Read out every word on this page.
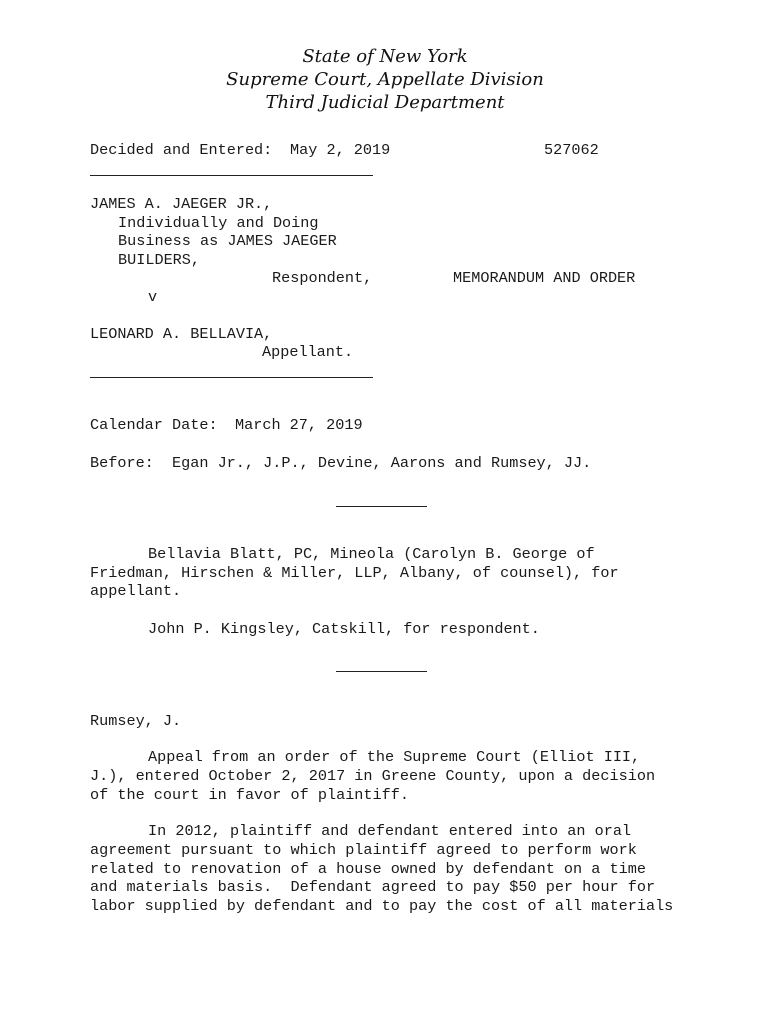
State of New York
Supreme Court, Appellate Division
Third Judicial Department
Decided and Entered: May 2, 2019	527062
JAMES A. JAEGER JR.,
Individually and Doing
Business as JAMES JAEGER
BUILDERS,
Respondent,	MEMORANDUM AND ORDER
v
LEONARD A. BELLAVIA,
Appellant.
Calendar Date: March 27, 2019
Before: Egan Jr., J.P., Devine, Aarons and Rumsey, JJ.
Bellavia Blatt, PC, Mineola (Carolyn B. George of
Friedman, Hirschen & Miller, LLP, Albany, of counsel), for
appellant.
John P. Kingsley, Catskill, for respondent.
Rumsey, J.
Appeal from an order of the Supreme Court (Elliot III,
J.), entered October 2, 2017 in Greene County, upon a decision
of the court in favor of plaintiff.
In 2012, plaintiff and defendant entered into an oral
agreement pursuant to which plaintiff agreed to perform work
related to renovation of a house owned by defendant on a time
and materials basis.  Defendant agreed to pay $50 per hour for
labor supplied by defendant and to pay the cost of all materials
